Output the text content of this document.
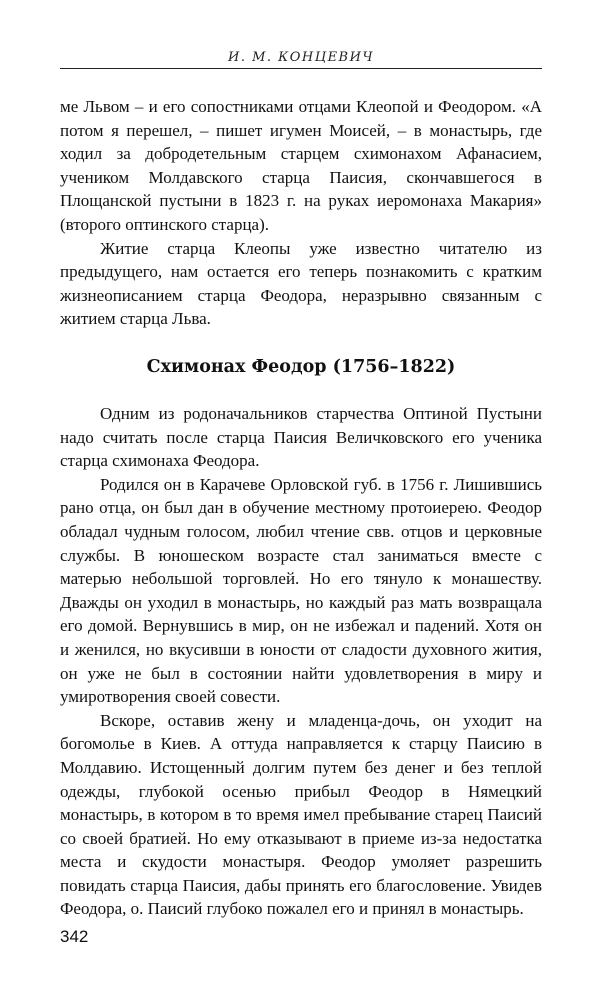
И. М. КОНЦЕВИЧ

ме Львом – и его сопостниками отцами Клеопой и Феодором. «А потом я перешел, – пишет игумен Моисей, – в монастырь, где ходил за добродетельным старцем схимонахом Афанасием, учеником Молдавского старца Паисия, скончавшегося в Площанской пустыни в 1823 г. на руках иеромонаха Макария» (второго оптинского старца).

Житие старца Клеопы уже известно читателю из предыдущего, нам остается его теперь познакомить с кратким жизнеописанием старца Феодора, неразрывно связанным с житием старца Льва.

Схимонах Феодор (1756–1822)

Одним из родоначальников старчества Оптиной Пустыни надо считать после старца Паисия Величковского его ученика старца схимонаха Феодора.

Родился он в Карачеве Орловской губ. в 1756 г. Лишившись рано отца, он был дан в обучение местному протоиерею. Феодор обладал чудным голосом, любил чтение свв. отцов и церковные службы. В юношеском возрасте стал заниматься вместе с матерью небольшой торговлей. Но его тянуло к монашеству. Дважды он уходил в монастырь, но каждый раз мать возвращала его домой. Вернувшись в мир, он не избежал и падений. Хотя он и женился, но вкусивши в юности от сладости духовного жития, он уже не был в состоянии найти удовлетворения в миру и умиротворения своей совести.

Вскоре, оставив жену и младенца-дочь, он уходит на богомолье в Киев. А оттуда направляется к старцу Паисию в Молдавию. Истощенный долгим путем без денег и без теплой одежды, глубокой осенью прибыл Феодор в Нямецкий монастырь, в котором в то время имел пребывание старец Паисий со своей братией. Но ему отказывают в приеме из-за недостатка места и скудости монастыря. Феодор умоляет разрешить повидать старца Паисия, дабы принять его благословение. Увидев Феодора, о. Паисий глубоко пожалел его и принял в монастырь.

342
